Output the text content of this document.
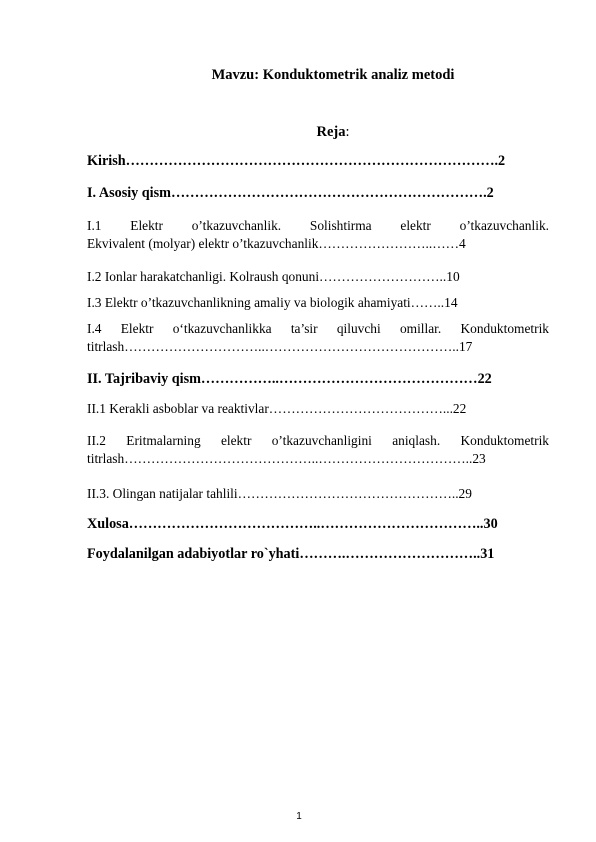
Mavzu: Konduktometrik analiz metodi
Reja:
Kirish…………………………………………………………………….2
I. Asosiy qism………………………………………………………….2
I.1 Elektr o’tkazuvchanlik. Solishtirma elektr o’tkazuvchanlik.
Ekvivalent (molyar) elektr o’tkazuvchanlik……………………..……4
I.2 Ionlar harakatchanligi. Kolraush qonuni………………………..10
I.3 Elektr o’tkazuvchanlikning amaliy va biologik ahamiyati……..14
I.4 Elektr o‘tkazuvchanlikka ta’sir qiluvchi omillar. Konduktometrik
titrlash…………………………..……………………………………..17
II. Tajribaviy qism……………..……………………………………22
II.1 Kerakli asboblar va reaktivlar…………………………………...22
II.2 Eritmalarning elektr o’tkazuvchanligini aniqlash. Konduktometrik
titrlash……………………………………..……………………………..23
II.3. Olingan natijalar tahlili…………………………………………..29
Xulosa…………………………………..……………………………..30
Foydalanilgan adabiyotlar ro`yhati……….………………………..31
1
